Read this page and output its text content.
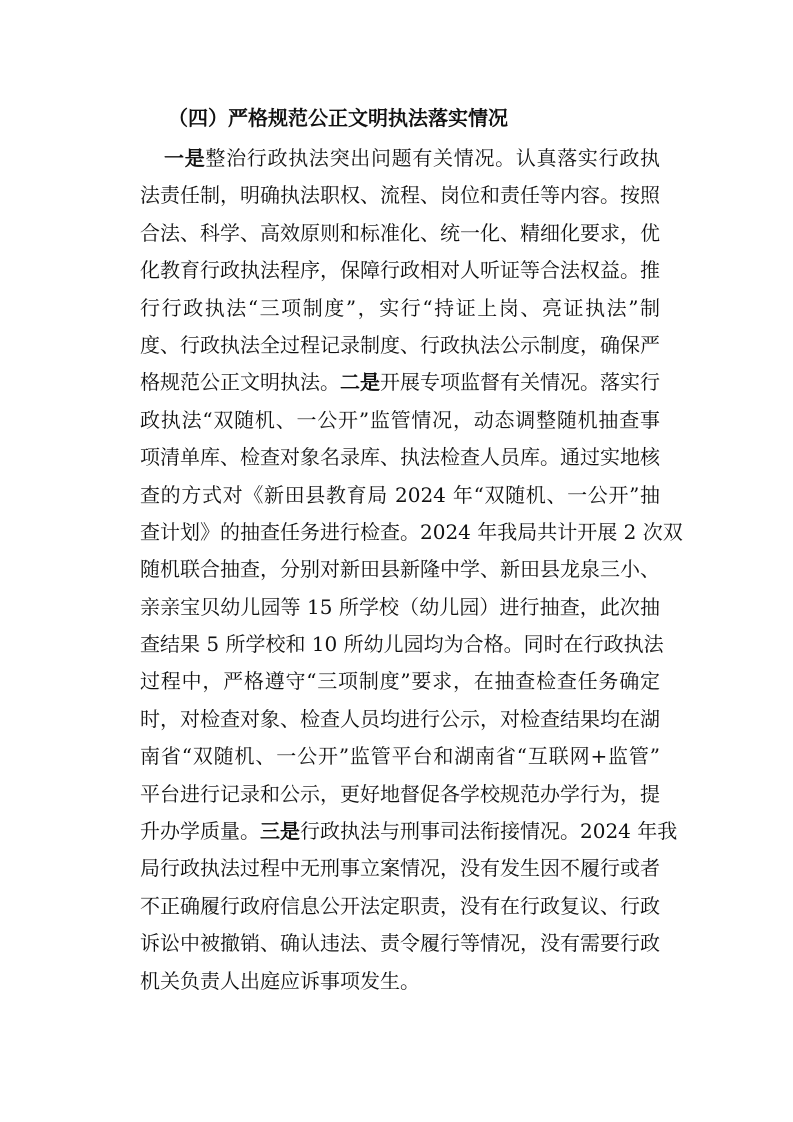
（四）严格规范公正文明执法落实情况
一是整治行政执法突出问题有关情况。认真落实行政执
法责任制，明确执法职权、流程、岗位和责任等内容。按照
合法、科学、高效原则和标准化、统一化、精细化要求，优
化教育行政执法程序，保障行政相对人听证等合法权益。推
行行政执法“三项制度”，实行“持证上岗、亮证执法”制
度、行政执法全过程记录制度、行政执法公示制度，确保严
格规范公正文明执法。二是开展专项监督有关情况。落实行
政执法“双随机、一公开”监管情况，动态调整随机抽查事
项清单库、检查对象名录库、执法检查人员库。通过实地核
查的方式对《新田县教育局 2024 年“双随机、一公开”抽
查计划》的抽查任务进行检查。2024 年我局共计开展 2 次双
随机联合抽查，分别对新田县新隆中学、新田县龙泉三小、
亲亲宝贝幼儿园等 15 所学校（幼儿园）进行抽查，此次抽
查结果 5 所学校和 10 所幼儿园均为合格。同时在行政执法
过程中，严格遵守“三项制度”要求，在抽查检查任务确定
时，对检查对象、检查人员均进行公示，对检查结果均在湖
南省“双随机、一公开”监管平台和湖南省“互联网+监管”
平台进行记录和公示，更好地督促各学校规范办学行为，提
升办学质量。三是行政执法与刑事司法衔接情况。2024 年我
局行政执法过程中无刑事立案情况，没有发生因不履行或者
不正确履行政府信息公开法定职责，没有在行政复议、行政
诉讼中被撤销、确认违法、责令履行等情况，没有需要行政
机关负责人出庭应诉事项发生。
